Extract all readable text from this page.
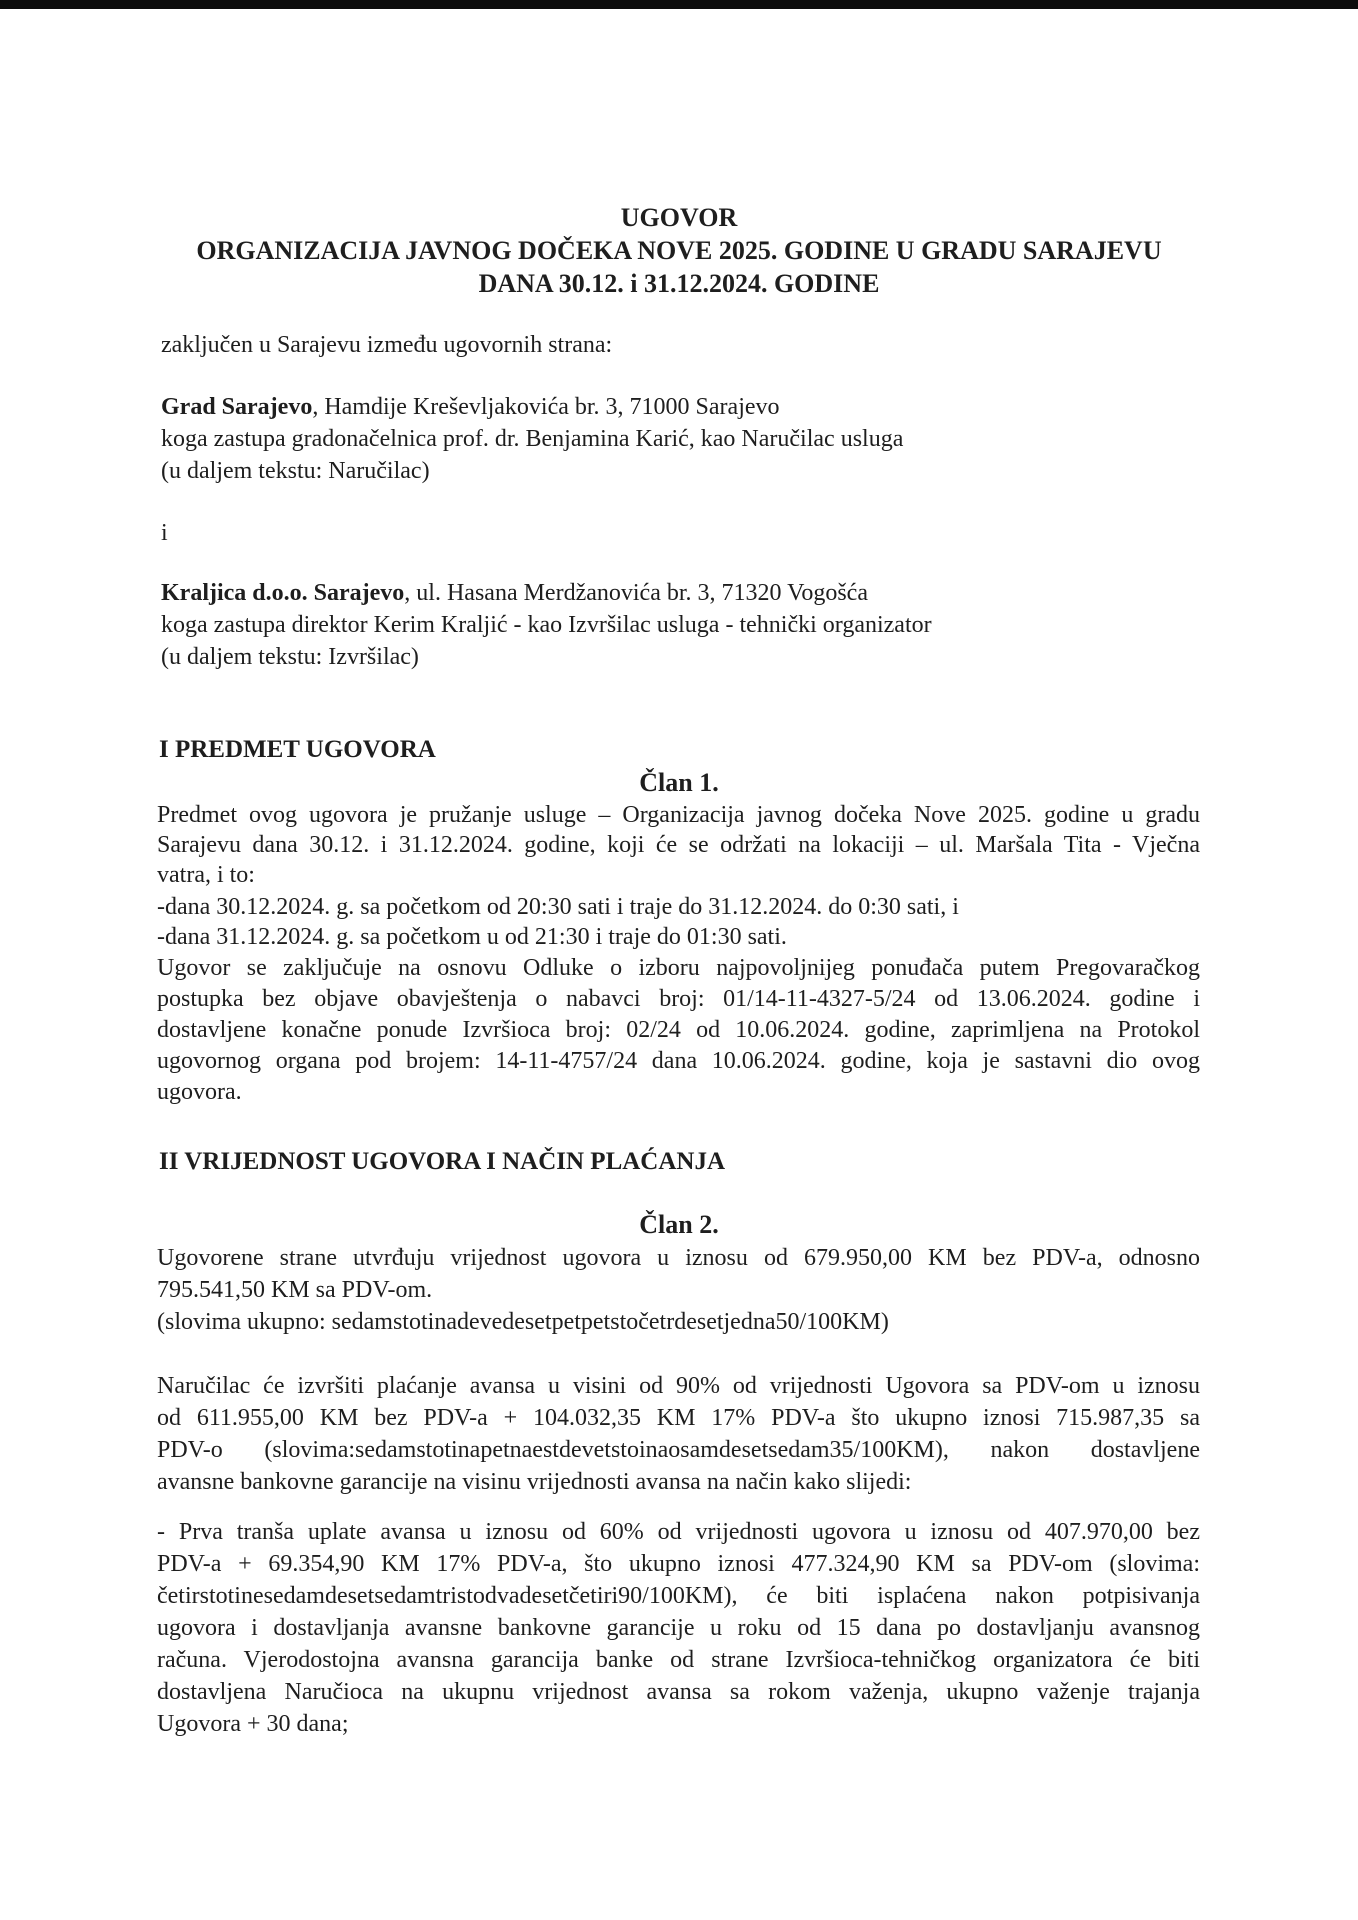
UGOVOR
ORGANIZACIJA JAVNOG DOČEKA NOVE 2025. GODINE U GRADU SARAJEVU
DANA 30.12. i 31.12.2024. GODINE
zaključen u Sarajevu između ugovornih strana:
Grad Sarajevo, Hamdije Kreševljakovića br. 3, 71000 Sarajevo
koga zastupa gradonačelnica prof. dr. Benjamina Karić, kao Naručilac usluga
(u daljem tekstu: Naručilac)
i
Kraljica d.o.o. Sarajevo, ul. Hasana Merdžanovića br. 3, 71320 Vogošća
koga zastupa direktor Kerim Kraljić - kao Izvršilac usluga - tehnički organizator
(u daljem tekstu: Izvršilac)
I PREDMET UGOVORA
Član 1.
Predmet ovog ugovora je pružanje usluge – Organizacija javnog dočeka Nove 2025. godine u gradu
Sarajevu dana 30.12. i 31.12.2024. godine, koji će se održati na lokaciji – ul. Maršala Tita - Vječna
vatra, i to:
-dana 30.12.2024. g. sa početkom od 20:30 sati i traje do 31.12.2024. do 0:30 sati, i
-dana 31.12.2024. g. sa početkom u od 21:30 i traje do 01:30 sati.
Ugovor se zaključuje na osnovu Odluke o izboru najpovoljnijeg ponuđača putem Pregovaračkog
postupka bez objave obavještenja o nabavci broj: 01/14-11-4327-5/24 od 13.06.2024. godine i
dostavljene konačne ponude Izvršioca broj: 02/24 od 10.06.2024. godine, zaprimljena na Protokol
ugovornog organa pod brojem: 14-11-4757/24 dana 10.06.2024. godine, koja je sastavni dio ovog
ugovora.
II VRIJEDNOST UGOVORA I NAČIN PLAĆANJA
Član 2.
Ugovorene strane utvrđuju vrijednost ugovora u iznosu od 679.950,00 KM bez PDV-a, odnosno
795.541,50 KM sa PDV-om.
(slovima ukupno: sedamstotinadevedesetpetpetstočetrdesetjedna50/100KM)
Naručilac će izvršiti plaćanje avansa u visini od 90% od vrijednosti Ugovora sa PDV-om u iznosu
od 611.955,00 KM bez PDV-a + 104.032,35 KM 17% PDV-a što ukupno iznosi 715.987,35 sa
PDV-o (slovima:sedamstotinapetnaestdevetstoinaosamdesetsedam35/100KM), nakon dostavljene
avansne bankovne garancije na visinu vrijednosti avansa na način kako slijedi:
- Prva tranša uplate avansa u iznosu od 60% od vrijednosti ugovora u iznosu od 407.970,00 bez
PDV-a + 69.354,90 KM 17% PDV-a, što ukupno iznosi 477.324,90 KM sa PDV-om (slovima:
četirstotinesedamdesetsedamtristodvadesetčetiri90/100KM), će biti isplaćena nakon potpisivanja
ugovora i dostavljanja avansne bankovne garancije u roku od 15 dana po dostavljanju avansnog
računa. Vjerodostojna avansna garancija banke od strane Izvršioca-tehničkog organizatora će biti
dostavljena Naručioca na ukupnu vrijednost avansa sa rokom važenja, ukupno važenje trajanja
Ugovora + 30 dana;
